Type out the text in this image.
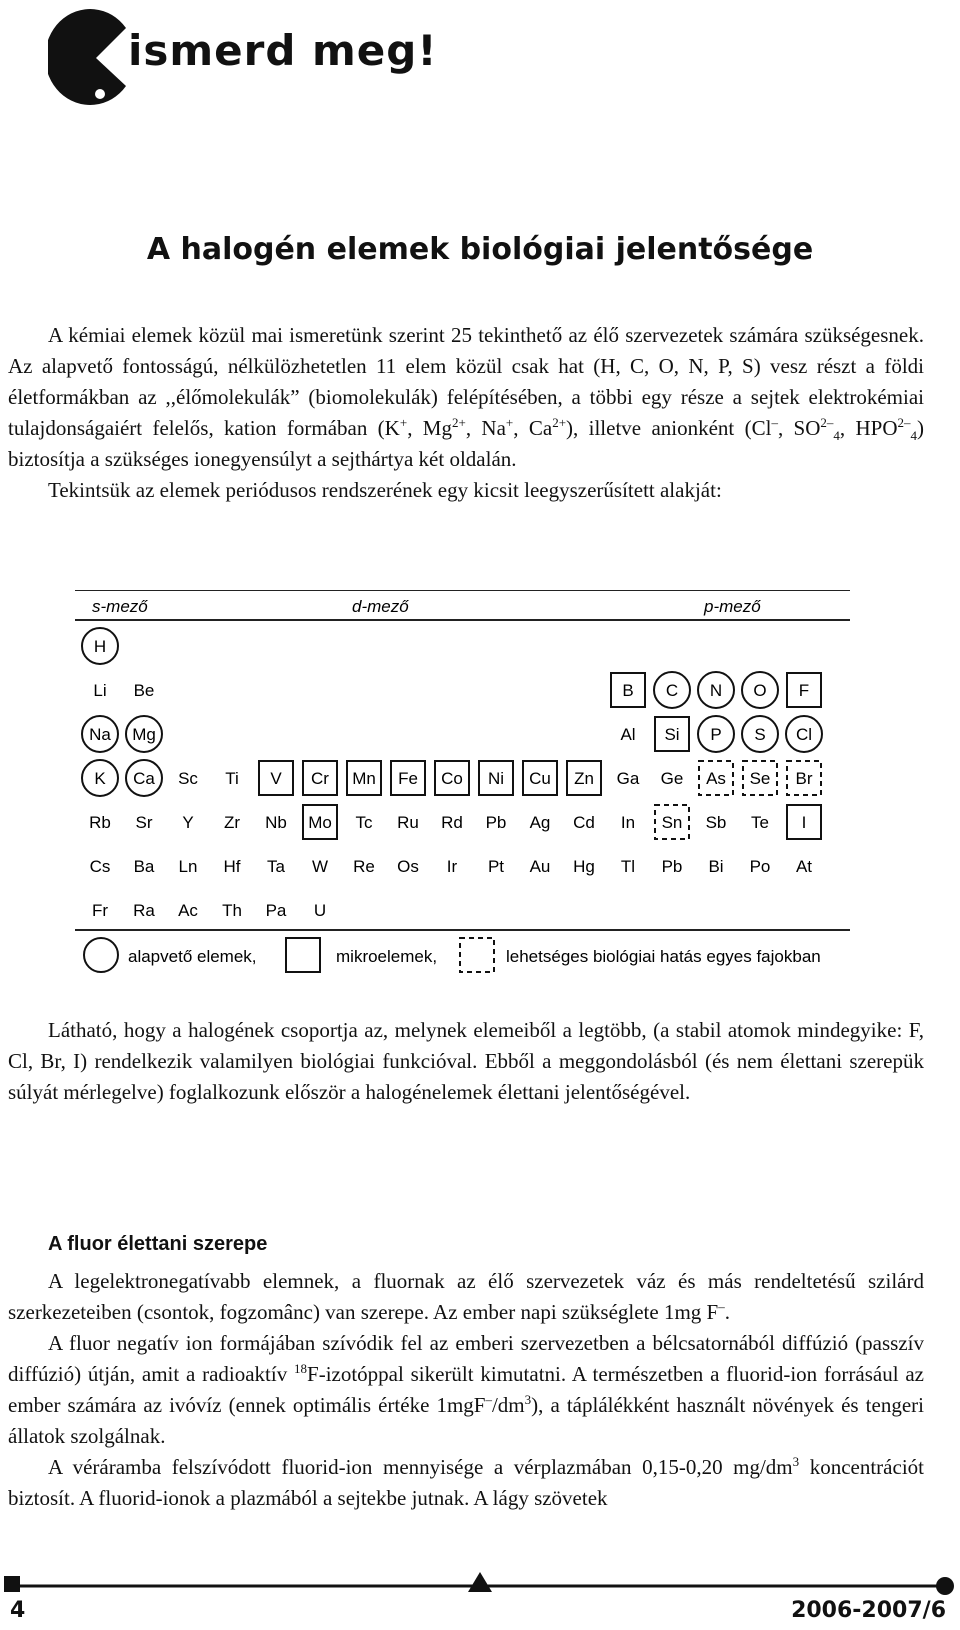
ismerd meg!
A halogén elemek biológiai jelentősége

A kémiai elemek közül mai ismeretünk szerint 25 tekinthető az élő szervezetek számára szükségesnek. Az alapvető fontosságú, nélkülözhetetlen 11 elem közül csak hat (H, C, O, N, P, S) vesz részt a földi életformákban az ,,élőmolekulák” (biomolekulák) felépítésében, a többi egy része a sejtek elektrokémiai tulajdonságaiért felelős, kation formában (K+, $Mg^{2+}$, Na+, $Ca^{2+}$), illetve anionként (Cl–, $SO^{2-}_4$, $HPO^{2-}_4$) biztosítja a szükséges ionegyensúlyt a sejthártya két oldalán.

Tekintsük az elemek periódusos rendszerének egy kicsit leegyszerűsített alakját:

s-mező	d-mező	p-mező
H
Li Be	B C N O F
Na Mg	Al Si P S Cl
K Ca Sc Ti V Cr Mn Fe Co Ni Cu Zn Ga Ge As Se Br
Rb Sr Y Zr Nb Mo Tc Ru Rd Pb Ag Cd In Sn Sb Te I
Cs Ba Ln Hf Ta W Re Os Ir Pt Au Hg Tl Pb Bi Po At
Fr Ra Ac Th Pa U
alapvető elemek,	mikroelemek,	lehetséges biológiai hatás egyes fajokban

Látható, hogy a halogének csoportja az, melynek elemeiből a legtöbb, (a stabil atomok mindegyike: F, Cl, Br, I) rendelkezik valamilyen biológiai funkcióval. Ebből a meggondolásból (és nem élettani szerepük súlyát mérlegelve) foglalkozunk először a halogénelemek élettani jelentőségével.

A fluor élettani szerepe

A legelektronegatívabb elemnek, a fluornak az élő szervezetek váz és más rendeltetésű szilárd szerkezeteiben (csontok, fogzomânc) van szerepe. Az ember napi szükséglete 1mg F–.

A fluor negatív ion formájában szívódik fel az emberi szervezetben a bélcsatornából diffúzió (passzív diffúzió) útján, amit a radioaktív $^{18}$F-izotóppal sikerült kimutatni. A természetben a fluorid-ion forrásául az ember számára az ivóvíz (ennek optimális értéke $1mgF^-/dm^3$), a táplálékként használt növények és tengeri állatok szolgálnak.

A véráramba felszívódott fluorid-ion mennyisége a vérplazmában 0,15-0,20 $mg/dm^3$ koncentrációt biztosít. A fluorid-ionok a plazmából a sejtekbe jutnak. A lágy szövetek

4	2006-2007/6
